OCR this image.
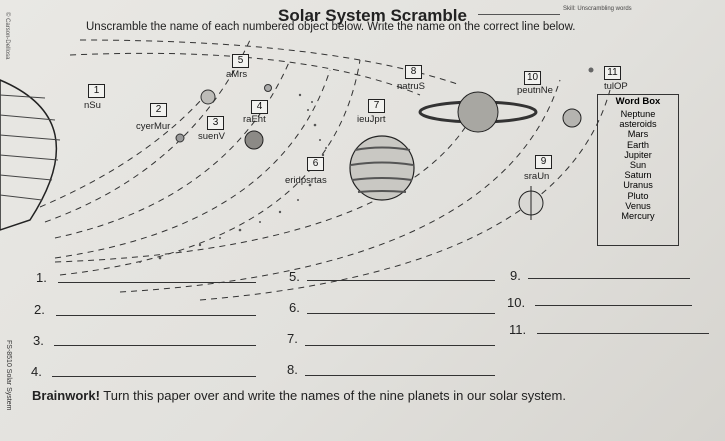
Solar System Scramble	Skill: Unscrambling words
Unscramble the name of each numbered object below. Write the name on the correct line below.
© Carson-Dellosa
FS-8510 Solar System
1
nSu	2
cyerMur	3
suenV
4
raEht
5
aMrs
6
eridpsrtas
7
ieuJprt
8
natruS
9
sraUn
10
peutnNe
11
tulOP
Word Box
Neptune
asteroids
Mars
Earth
Jupiter
Sun
Saturn
Uranus
Pluto
Venus
Mercury
1.
2.
3.
4.
5.
6.
7.
8.
9.
10.
11.
Brainwork! Turn this paper over and write the names of the nine planets in our solar system.
